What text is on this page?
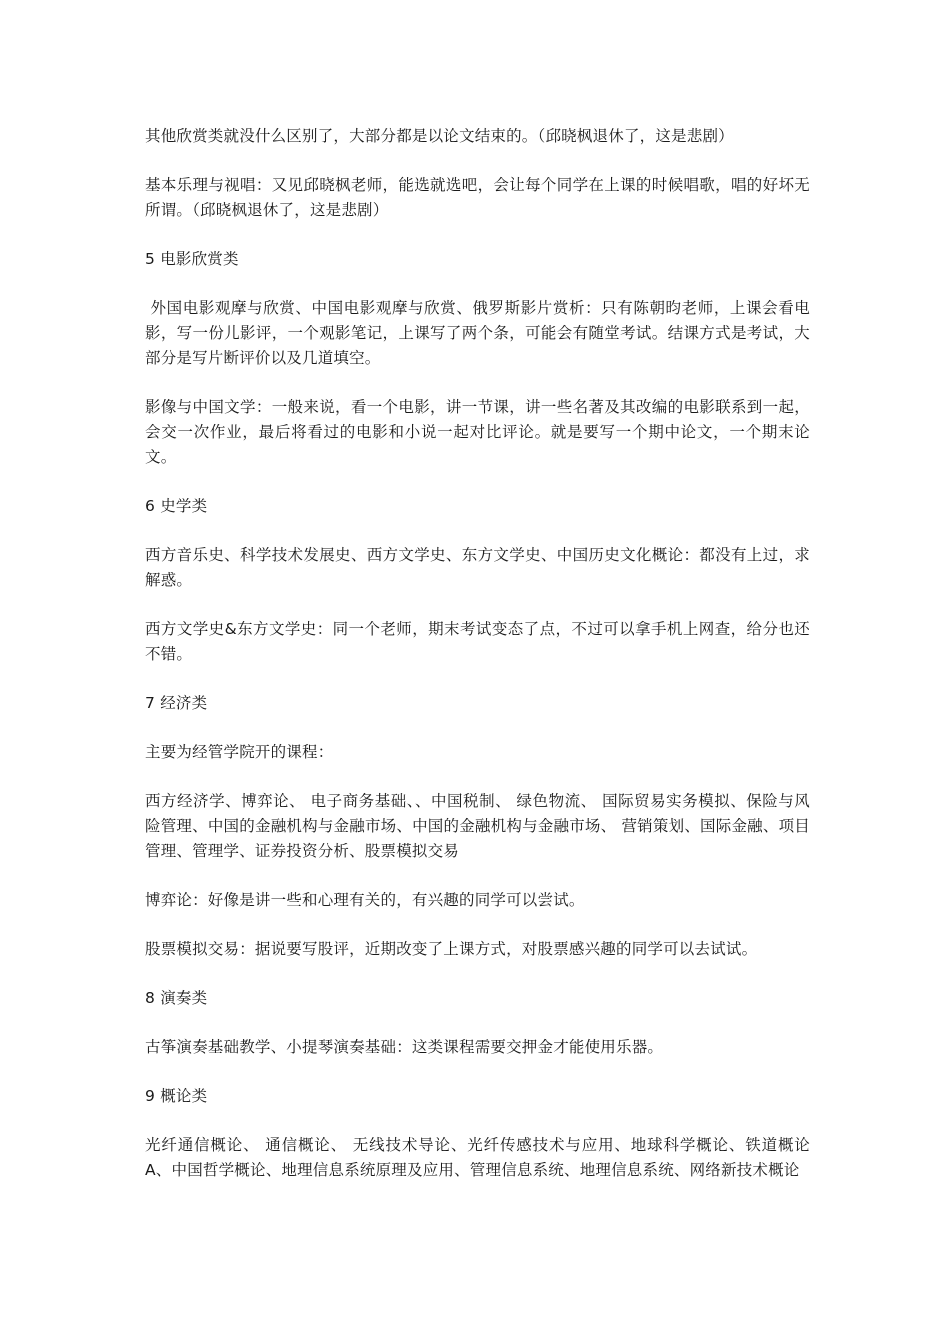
其他欣赏类就没什么区别了，大部分都是以论文结束的。（邱晓枫退休了，这是悲剧）

基本乐理与视唱：又见邱晓枫老师，能选就选吧，会让每个同学在上课的时候唱歌，唱的好坏无所谓。（邱晓枫退休了，这是悲剧）

5 电影欣赏类

外国电影观摩与欣赏、中国电影观摩与欣赏、俄罗斯影片赏析：只有陈朝昀老师，上课会看电影，写一份儿影评，一个观影笔记，上课写了两个条，可能会有随堂考试。结课方式是考试，大部分是写片断评价以及几道填空。

影像与中国文学：一般来说，看一个电影，讲一节课，讲一些名著及其改编的电影联系到一起，会交一次作业，最后将看过的电影和小说一起对比评论。就是要写一个期中论文，一个期末论文。

6 史学类

西方音乐史、科学技术发展史、西方文学史、东方文学史、中国历史文化概论：都没有上过，求解惑。

西方文学史&东方文学史：同一个老师，期末考试变态了点，不过可以拿手机上网查，给分也还不错。

7 经济类

主要为经管学院开的课程：

西方经济学、博弈论、 电子商务基础、、中国税制、 绿色物流、 国际贸易实务模拟、保险与风险管理、中国的金融机构与金融市场、中国的金融机构与金融市场、 营销策划、国际金融、项目管理、管理学、证券投资分析、股票模拟交易

博弈论：好像是讲一些和心理有关的，有兴趣的同学可以尝试。

股票模拟交易：据说要写股评，近期改变了上课方式，对股票感兴趣的同学可以去试试。

8 演奏类

古筝演奏基础教学、小提琴演奏基础：这类课程需要交押金才能使用乐器。

9 概论类

光纤通信概论、 通信概论、 无线技术导论、光纤传感技术与应用、地球科学概论、铁道概论 A、中国哲学概论、地理信息系统原理及应用、管理信息系统、地理信息系统、网络新技术概论
